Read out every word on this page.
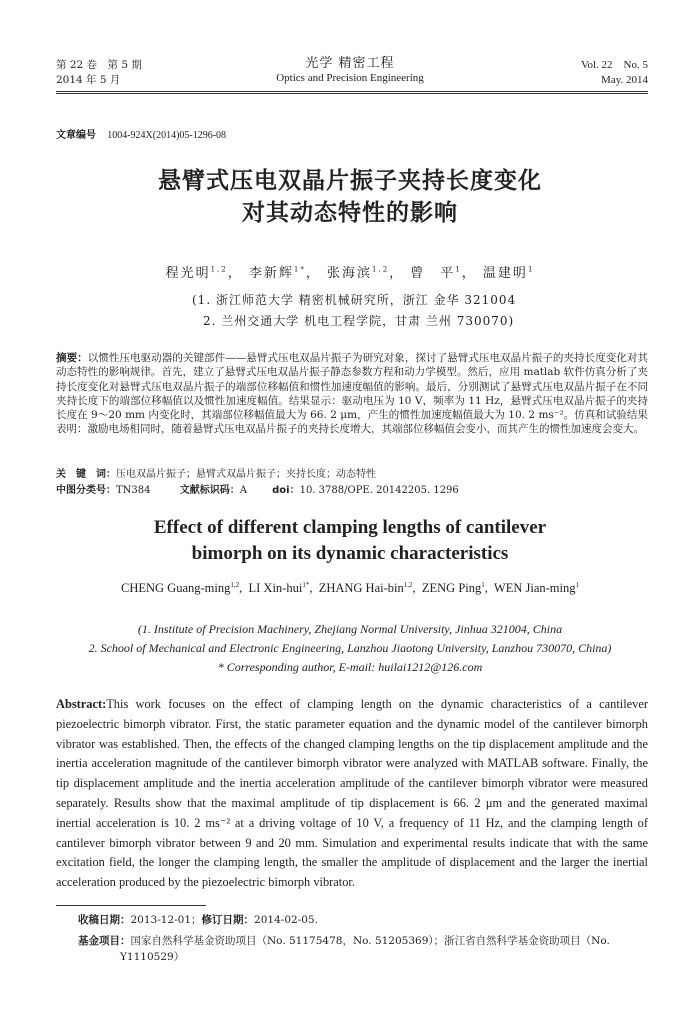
第 22 卷　第 5 期
2014 年 5 月
光学 精密工程
Optics and Precision Engineering
Vol. 22　No. 5
May. 2014
文章编号 1004-924X(2014)05-1296-08
悬臂式压电双晶片振子夹持长度变化
对其动态特性的影响
程光明$^{1,2}$， 李新辉$^{1*}$， 张海滨$^{1,2}$， 曾　平$^1$， 温建明$^1$
(1. 浙江师范大学 精密机械研究所，浙江 金华 321004
2. 兰州交通大学 机电工程学院，甘肃 兰州 730070)
摘要：以惯性压电驱动器的关键部件——悬臂式压电双晶片振子为研究对象，探讨了悬臂式压电双晶片振子的夹持长度变化对其动态特性的影响规律。首先，建立了悬臂式压电双晶片振子静态参数方程和动力学模型。然后，应用 matlab 软件仿真分析了夹持长度变化对悬臂式压电双晶片振子的端部位移幅值和惯性加速度幅值的影响。最后，分别测试了悬臂式压电双晶片振子在不同夹持长度下的端部位移幅值以及惯性加速度幅值。结果显示：驱动电压为 10 V，频率为 11 Hz，悬臂式压电双晶片振子的夹持长度在 9～20 mm 内变化时，其端部位移幅值最大为 66. 2 μm，产生的惯性加速度幅值最大为 10. 2 ms⁻²。仿真和试验结果表明：激励电场相同时，随着悬臂式压电双晶片振子的夹持长度增大，其端部位移幅值会变小，而其产生的惯性加速度会变大。
关　键　词：压电双晶片振子；悬臂式双晶片振子；夹持长度；动态特性
中图分类号：TN384	文献标识码：A	doi：10. 3788/OPE. 20142205. 1296
Effect of different clamping lengths of cantilever
bimorph on its dynamic characteristics
CHENG Guang-ming$^{1,2}$,  LI Xin-hui$^{1*}$,  ZHANG Hai-bin$^{1,2}$,  ZENG Ping$^1$,  WEN Jian-ming$^1$
(1. Institute of Precision Machinery, Zhejiang Normal University, Jinhua 321004, China
2. School of Mechanical and Electronic Engineering, Lanzhou Jiaotong University, Lanzhou 730070, China)
* Corresponding author, E-mail: huilai1212@126.com
Abstract:This work focuses on the effect of clamping length on the dynamic characteristics of a cantilever piezoelectric bimorph vibrator. First, the static parameter equation and the dynamic model of the cantilever bimorph vibrator was established. Then, the effects of the changed clamping lengths on the tip displacement amplitude and the inertia acceleration magnitude of the cantilever bimorph vibrator were analyzed with MATLAB software. Finally, the tip displacement amplitude and the inertia acceleration amplitude of the cantilever bimorph vibrator were measured separately. Results show that the maximal amplitude of tip displacement is 66. 2 μm and the generated maximal inertial acceleration is 10. 2 ms⁻² at a driving voltage of 10 V, a frequency of 11 Hz, and the clamping length of cantilever bimorph vibrator between 9 and 20 mm. Simulation and experimental results indicate that with the same excitation field, the longer the clamping length, the smaller the amplitude of displacement and the larger the inertial acceleration produced by the piezoelectric bimorph vibrator.
收稿日期：2013-12-01；修订日期：2014-02-05.
基金项目：国家自然科学基金资助项目（No. 51175478，No. 51205369）；浙江省自然科学基金资助项目（No. Y1110529）
